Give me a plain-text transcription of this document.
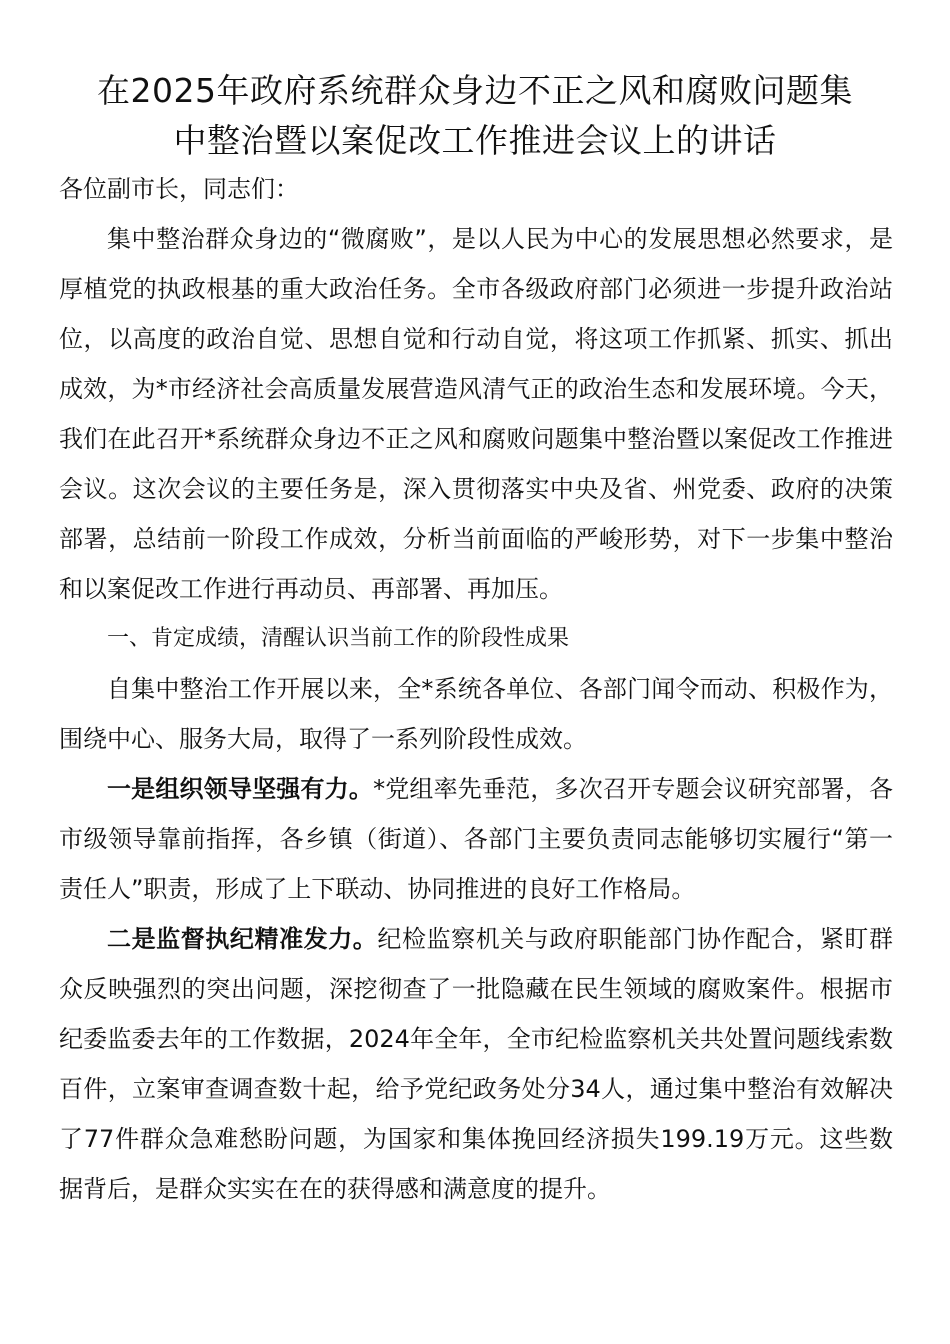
在2025年政府系统群众身边不正之风和腐败问题集
中整治暨以案促改工作推进会议上的讲话

各位副市长，同志们：

集中整治群众身边的“微腐败”，是以人民为中心的发展思想必然要求，是厚植党的执政根基的重大政治任务。全市各级政府部门必须进一步提升政治站位，以高度的政治自觉、思想自觉和行动自觉，将这项工作抓紧、抓实、抓出成效，为*市经济社会高质量发展营造风清气正的政治生态和发展环境。今天，我们在此召开*系统群众身边不正之风和腐败问题集中整治暨以案促改工作推进会议。这次会议的主要任务是，深入贯彻落实中央及省、州党委、政府的决策部署，总结前一阶段工作成效，分析当前面临的严峻形势，对下一步集中整治和以案促改工作进行再动员、再部署、再加压。

一、肯定成绩，清醒认识当前工作的阶段性成果

自集中整治工作开展以来，全*系统各单位、各部门闻令而动、积极作为，围绕中心、服务大局，取得了一系列阶段性成效。

一是组织领导坚强有力。*党组率先垂范，多次召开专题会议研究部署，各市级领导靠前指挥，各乡镇（街道）、各部门主要负责同志能够切实履行“第一责任人”职责，形成了上下联动、协同推进的良好工作格局。

二是监督执纪精准发力。纪检监察机关与政府职能部门协作配合，紧盯群众反映强烈的突出问题，深挖彻查了一批隐藏在民生领域的腐败案件。根据市纪委监委去年的工作数据，2024年全年，全市纪检监察机关共处置问题线索数百件，立案审查调查数十起，给予党纪政务处分34人，通过集中整治有效解决了77件群众急难愁盼问题，为国家和集体挽回经济损失199.19万元。这些数据背后，是群众实实在在的获得感和满意度的提升。
